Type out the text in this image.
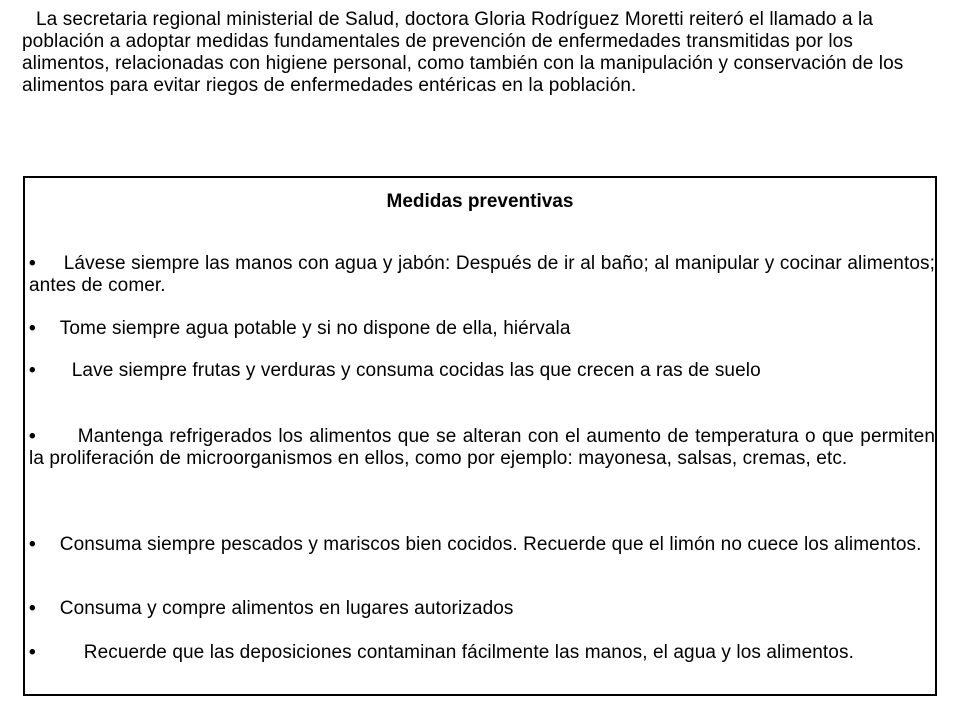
La secretaria regional ministerial de Salud, doctora Gloria Rodríguez Moretti reiteró el llamado a la población a adoptar medidas fundamentales de prevención de enfermedades transmitidas por los alimentos, relacionadas con higiene personal, como también con la manipulación y conservación de los alimentos para evitar riegos de enfermedades entéricas en la población.
Medidas preventivas
• Lávese siempre las manos con agua y jabón: Después de ir al baño; al manipular y cocinar alimentos; antes de comer.
• Tome siempre agua potable y si no dispone de ella, hiérvala
• Lave siempre frutas y verduras y consuma cocidas las que crecen a ras de suelo
• Mantenga refrigerados los alimentos que se alteran con el aumento de temperatura o que permiten la proliferación de microorganismos en ellos, como por ejemplo: mayonesa, salsas, cremas, etc.
• Consuma siempre pescados y mariscos bien cocidos. Recuerde que el limón no cuece los alimentos.
• Consuma y compre alimentos en lugares autorizados
•	Recuerde que las deposiciones contaminan fácilmente las manos, el agua y los alimentos.
